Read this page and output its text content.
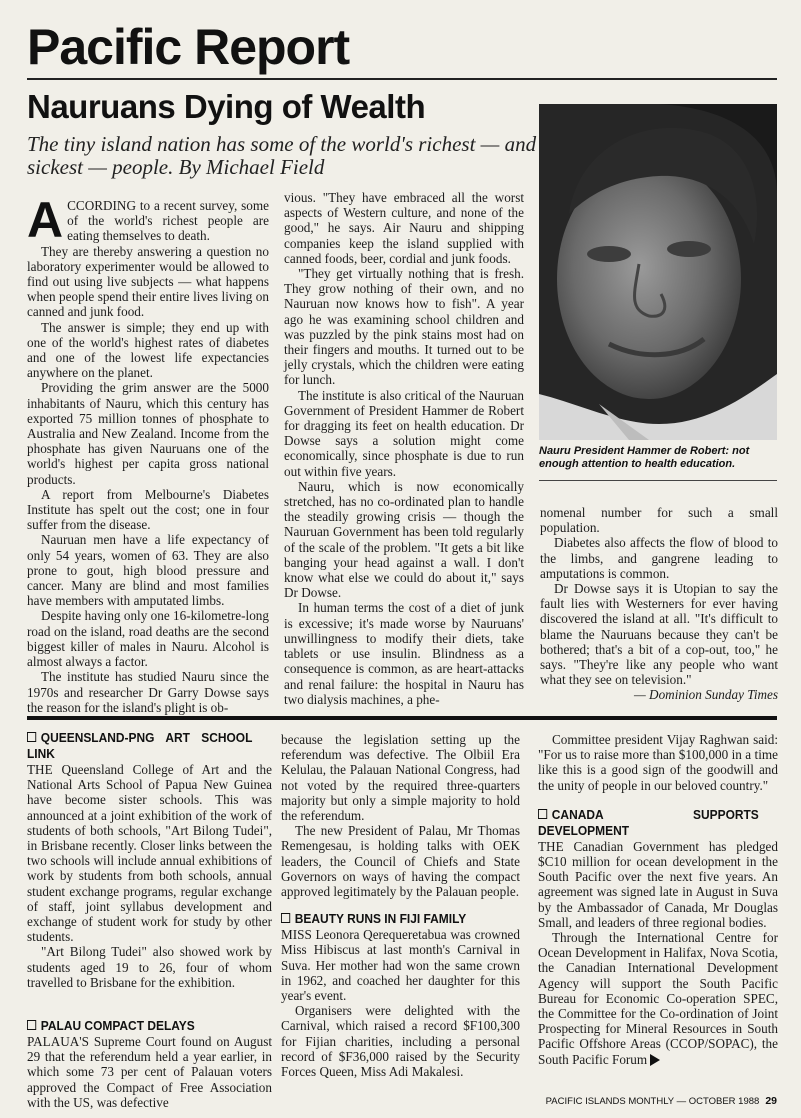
Pacific Report
Nauruans Dying of Wealth

The tiny island nation has some of the world's richest — and sickest — people. By Michael Field

ACCORDING to a recent survey, some of the world's richest people are eating themselves to death.

They are thereby answering a question no laboratory experimenter would be allowed to find out using live subjects — what happens when people spend their entire lives living on canned and junk food.

The answer is simple; they end up with one of the world's highest rates of diabetes and one of the lowest life expectancies anywhere on the planet.

Providing the grim answer are the 5000 inhabitants of Nauru, which this century has exported 75 million tonnes of phosphate to Australia and New Zealand. Income from the phosphate has given Nauruans one of the world's highest per capita gross national products.

A report from Melbourne's Diabetes Institute has spelt out the cost; one in four suffer from the disease.

Nauruan men have a life expectancy of only 54 years, women of 63. They are also prone to gout, high blood pressure and cancer. Many are blind and most families have members with amputated limbs.

Despite having only one 16-kilometre-long road on the island, road deaths are the second biggest killer of males in Nauru. Alcohol is almost always a factor.

The institute has studied Nauru since the 1970s and researcher Dr Garry Dowse says the reason for the island's plight is ob-

vious. "They have embraced all the worst aspects of Western culture, and none of the good," he says. Air Nauru and shipping companies keep the island supplied with canned foods, beer, cordial and junk foods.

"They get virtually nothing that is fresh. They grow nothing of their own, and no Nauruan now knows how to fish". A year ago he was examining school children and was puzzled by the pink stains most had on their fingers and mouths. It turned out to be jelly crystals, which the children were eating for lunch.

The institute is also critical of the Nauruan Government of President Hammer de Robert for dragging its feet on health education. Dr Dowse says a solution might come economically, since phosphate is due to run out within five years.

Nauru, which is now economically stretched, has no co-ordinated plan to handle the steadily growing crisis — though the Nauruan Government has been told regularly of the scale of the problem. "It gets a bit like banging your head against a wall. I don't know what else we could do about it," says Dr Dowse.

In human terms the cost of a diet of junk is excessive; it's made worse by Nauruans' unwillingness to modify their diets, take tablets or use insulin. Blindness as a consequence is common, as are heart-attacks and renal failure: the hospital in Nauru has two dialysis machines, a phe-

Nauru President Hammer de Robert: not enough attention to health education.

nomenal number for such a small population.

Diabetes also affects the flow of blood to the limbs, and gangrene leading to amputations is common.

Dr Dowse says it is Utopian to say the fault lies with Westerners for ever having discovered the island at all. "It's difficult to blame the Nauruans because they can't be bothered; that's a bit of a cop-out, too," he says. "They're like any people who want what they see on television."

— Dominion Sunday Times

QUEENSLAND-PNG ART SCHOOL LINK

THE Queensland College of Art and the National Arts School of Papua New Guinea have become sister schools. This was announced at a joint exhibition of the work of students of both schools, "Art Bilong Tudei", in Brisbane recently. Closer links between the two schools will include annual exhibitions of work by students from both schools, annual student exchange programs, regular exchange of staff, joint syllabus development and exchange of student work for study by other students.

"Art Bilong Tudei" also showed work by students aged 19 to 26, four of whom travelled to Brisbane for the exhibition.

PALAU COMPACT DELAYS

PALAUA'S Supreme Court found on August 29 that the referendum held a year earlier, in which some 73 per cent of Palauan voters approved the Compact of Free Association with the US, was defective

because the legislation setting up the referendum was defective. The Olbiil Era Kelulau, the Palauan National Congress, had not voted by the required three-quarters majority but only a simple majority to hold the referendum.

The new President of Palau, Mr Thomas Remengesau, is holding talks with OEK leaders, the Council of Chiefs and State Governors on ways of having the compact approved legitimately by the Palauan people.

BEAUTY RUNS IN FIJI FAMILY

MISS Leonora Qerequeretabua was crowned Miss Hibiscus at last month's Carnival in Suva. Her mother had won the same crown in 1962, and coached her daughter for this year's event.

Organisers were delighted with the Carnival, which raised a record $F100,300 for Fijian charities, including a personal record of $F36,000 raised by the Security Forces Queen, Miss Adi Makalesi.

Committee president Vijay Raghwan said: "For us to raise more than $100,000 in a time like this is a good sign of the goodwill and the unity of people in our beloved country."

CANADA SUPPORTS DEVELOPMENT

THE Canadian Government has pledged $C10 million for ocean development in the South Pacific over the next five years. An agreement was signed late in August in Suva by the Ambassador of Canada, Mr Douglas Small, and leaders of three regional bodies.

Through the International Centre for Ocean Development in Halifax, Nova Scotia, the Canadian International Development Agency will support the South Pacific Bureau for Economic Co-operation SPEC, the Committee for the Co-ordination of Joint Prospecting for Mineral Resources in South Pacific Offshore Areas (CCOP/SOPAC), the South Pacific Forum

PACIFIC ISLANDS MONTHLY — OCTOBER 1988 29
